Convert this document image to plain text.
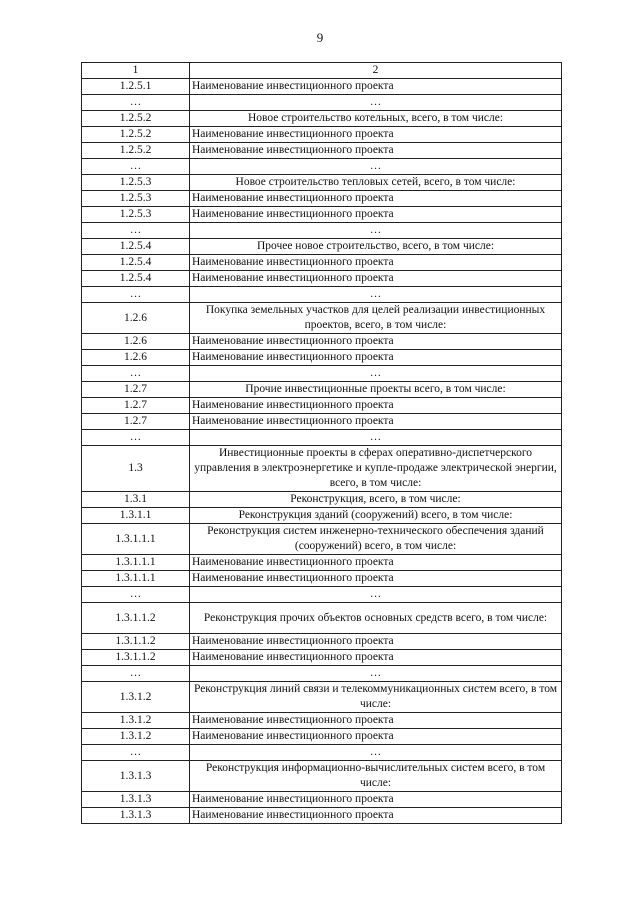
9
1	2
1.2.5.1	Наименование инвестиционного проекта
…	…
1.2.5.2	Новое строительство котельных, всего, в том числе:
1.2.5.2	Наименование инвестиционного проекта
1.2.5.2	Наименование инвестиционного проекта
…	…
1.2.5.3	Новое строительство тепловых сетей, всего, в том числе:
1.2.5.3	Наименование инвестиционного проекта
1.2.5.3	Наименование инвестиционного проекта
…	…
1.2.5.4	Прочее новое строительство, всего, в том числе:
1.2.5.4	Наименование инвестиционного проекта
1.2.5.4	Наименование инвестиционного проекта
…	…
1.2.6	Покупка земельных участков для целей реализации инвестиционных проектов, всего, в том числе:
1.2.6	Наименование инвестиционного проекта
1.2.6	Наименование инвестиционного проекта
…	…
1.2.7	Прочие инвестиционные проекты всего, в том числе:
1.2.7	Наименование инвестиционного проекта
1.2.7	Наименование инвестиционного проекта
…	…
1.3	Инвестиционные проекты в сферах оперативно-диспетчерского управления в электроэнергетике и купле-продаже электрической энергии, всего, в том числе:
1.3.1	Реконструкция, всего, в том числе:
1.3.1.1	Реконструкция зданий (сооружений) всего, в том числе:
1.3.1.1.1	Реконструкция систем инженерно-технического обеспечения зданий (сооружений) всего, в том числе:
1.3.1.1.1	Наименование инвестиционного проекта
1.3.1.1.1	Наименование инвестиционного проекта
…	…
1.3.1.1.2	Реконструкция прочих объектов основных средств всего, в том числе:
1.3.1.1.2	Наименование инвестиционного проекта
1.3.1.1.2	Наименование инвестиционного проекта
…	…
1.3.1.2	Реконструкция линий связи и телекоммуникационных систем всего, в том числе:
1.3.1.2	Наименование инвестиционного проекта
1.3.1.2	Наименование инвестиционного проекта
…	…
1.3.1.3	Реконструкция информационно-вычислительных систем всего, в том числе:
1.3.1.3	Наименование инвестиционного проекта
1.3.1.3	Наименование инвестиционного проекта
